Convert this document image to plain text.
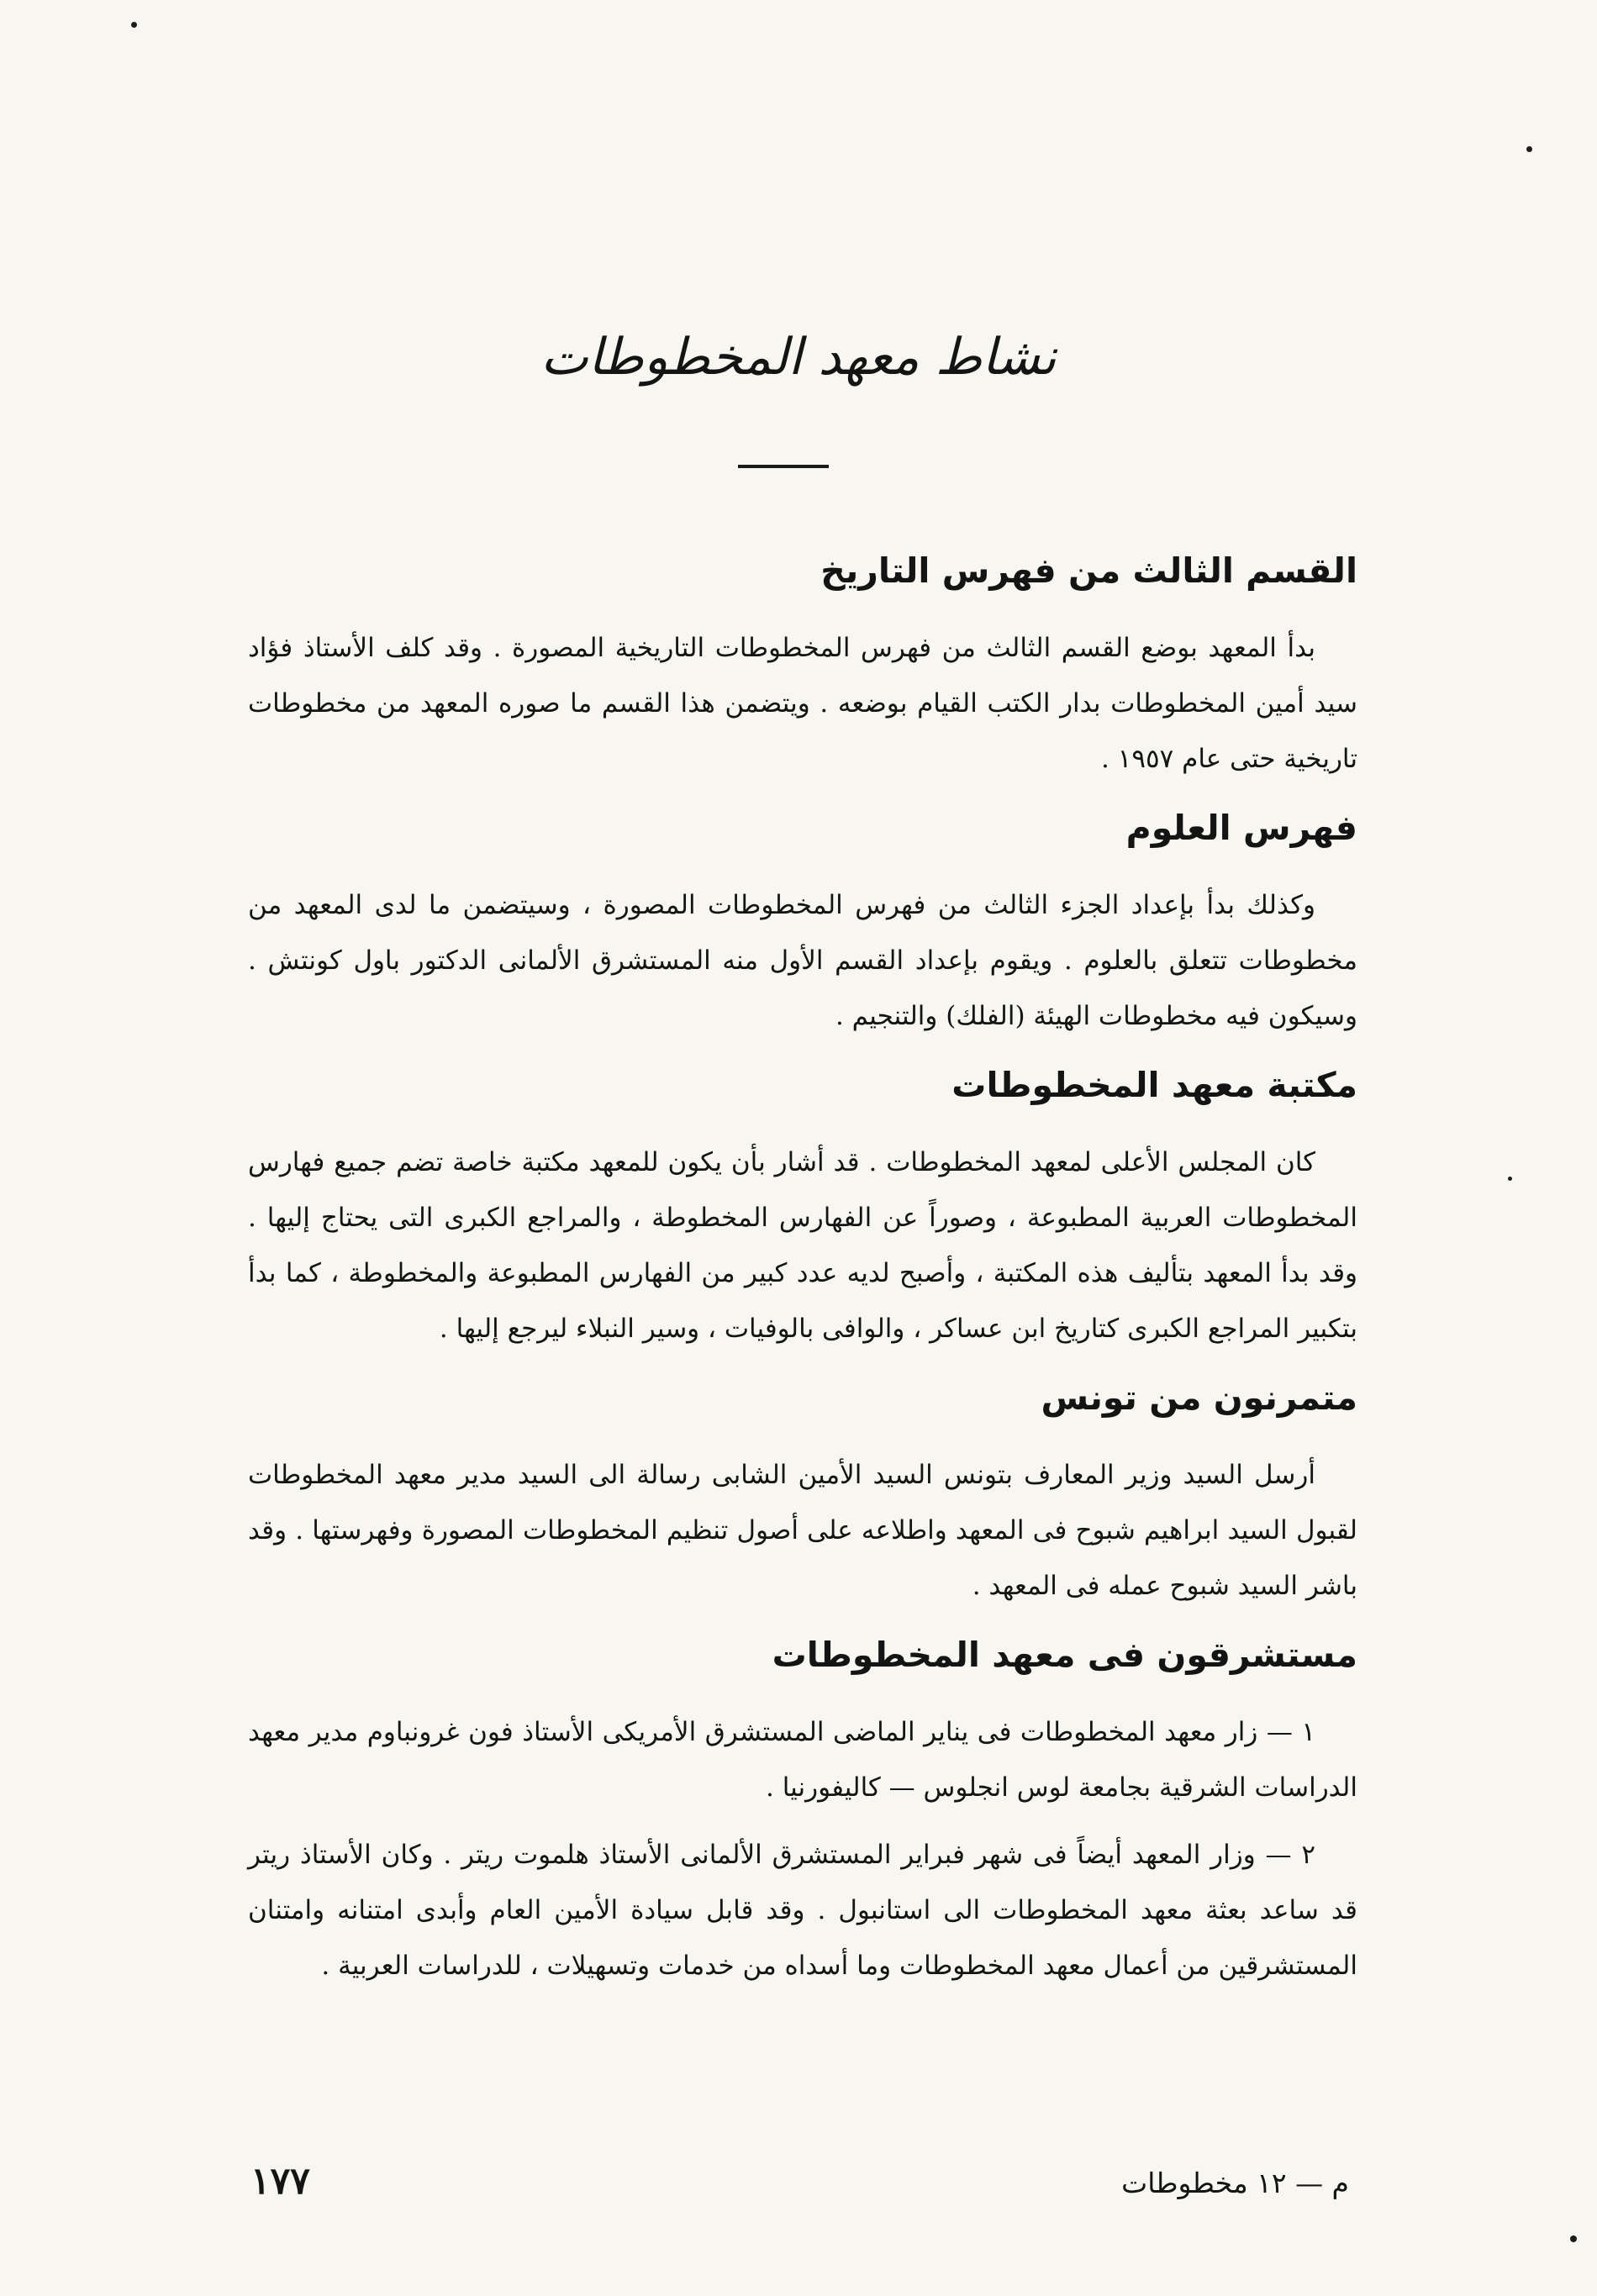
نشاط معهد المخطوطات
القسم الثالث من فهرس التاريخ

بدأ المعهد بوضع القسم الثالث من فهرس المخطوطات التاريخية المصورة . وقد كلف الأستاذ فؤاد سيد أمين المخطوطات بدار الكتب القيام بوضعه . ويتضمن هذا القسم ما صوره المعهد من مخطوطات تاريخية حتى عام ١٩٥٧ .

فهرس العلوم

وكذلك بدأ بإعداد الجزء الثالث من فهرس المخطوطات المصورة ، وسيتضمن ما لدى المعهد من مخطوطات تتعلق بالعلوم . ويقوم بإعداد القسم الأول منه المستشرق الألمانى الدكتور باول كونتش . وسيكون فيه مخطوطات الهيئة (الفلك) والتنجيم .

مكتبة معهد المخطوطات

كان المجلس الأعلى لمعهد المخطوطات . قد أشار بأن يكون للمعهد مكتبة خاصة تضم جميع فهارس المخطوطات العربية المطبوعة ، وصوراً عن الفهارس المخطوطة ، والمراجع الكبرى التى يحتاج إليها . وقد بدأ المعهد بتأليف هذه المكتبة ، وأصبح لديه عدد كبير من الفهارس المطبوعة والمخطوطة ، كما بدأ بتكبير المراجع الكبرى كتاريخ ابن عساكر ، والوافى بالوفيات ، وسير النبلاء ليرجع إليها .

متمرنون من تونس

أرسل السيد وزير المعارف بتونس السيد الأمين الشابى رسالة الى السيد مدير معهد المخطوطات لقبول السيد ابراهيم شبوح فى المعهد واطلاعه على أصول تنظيم المخطوطات المصورة وفهرستها . وقد باشر السيد شبوح عمله فى المعهد .

مستشرقون فى معهد المخطوطات

١ — زار معهد المخطوطات فى يناير الماضى المستشرق الأمريكى الأستاذ فون غرونباوم مدير معهد الدراسات الشرقية بجامعة لوس انجلوس — كاليفورنيا .

٢ — وزار المعهد أيضاً فى شهر فبراير المستشرق الألمانى الأستاذ هلموت ريتر . وكان الأستاذ ريتر قد ساعد بعثة معهد المخطوطات الى استانبول . وقد قابل سيادة الأمين العام وأبدى امتنانه وامتنان المستشرقين من أعمال معهد المخطوطات وما أسداه من خدمات وتسهيلات ، للدراسات العربية .

م — ١٢ مخطوطات
١٧٧
